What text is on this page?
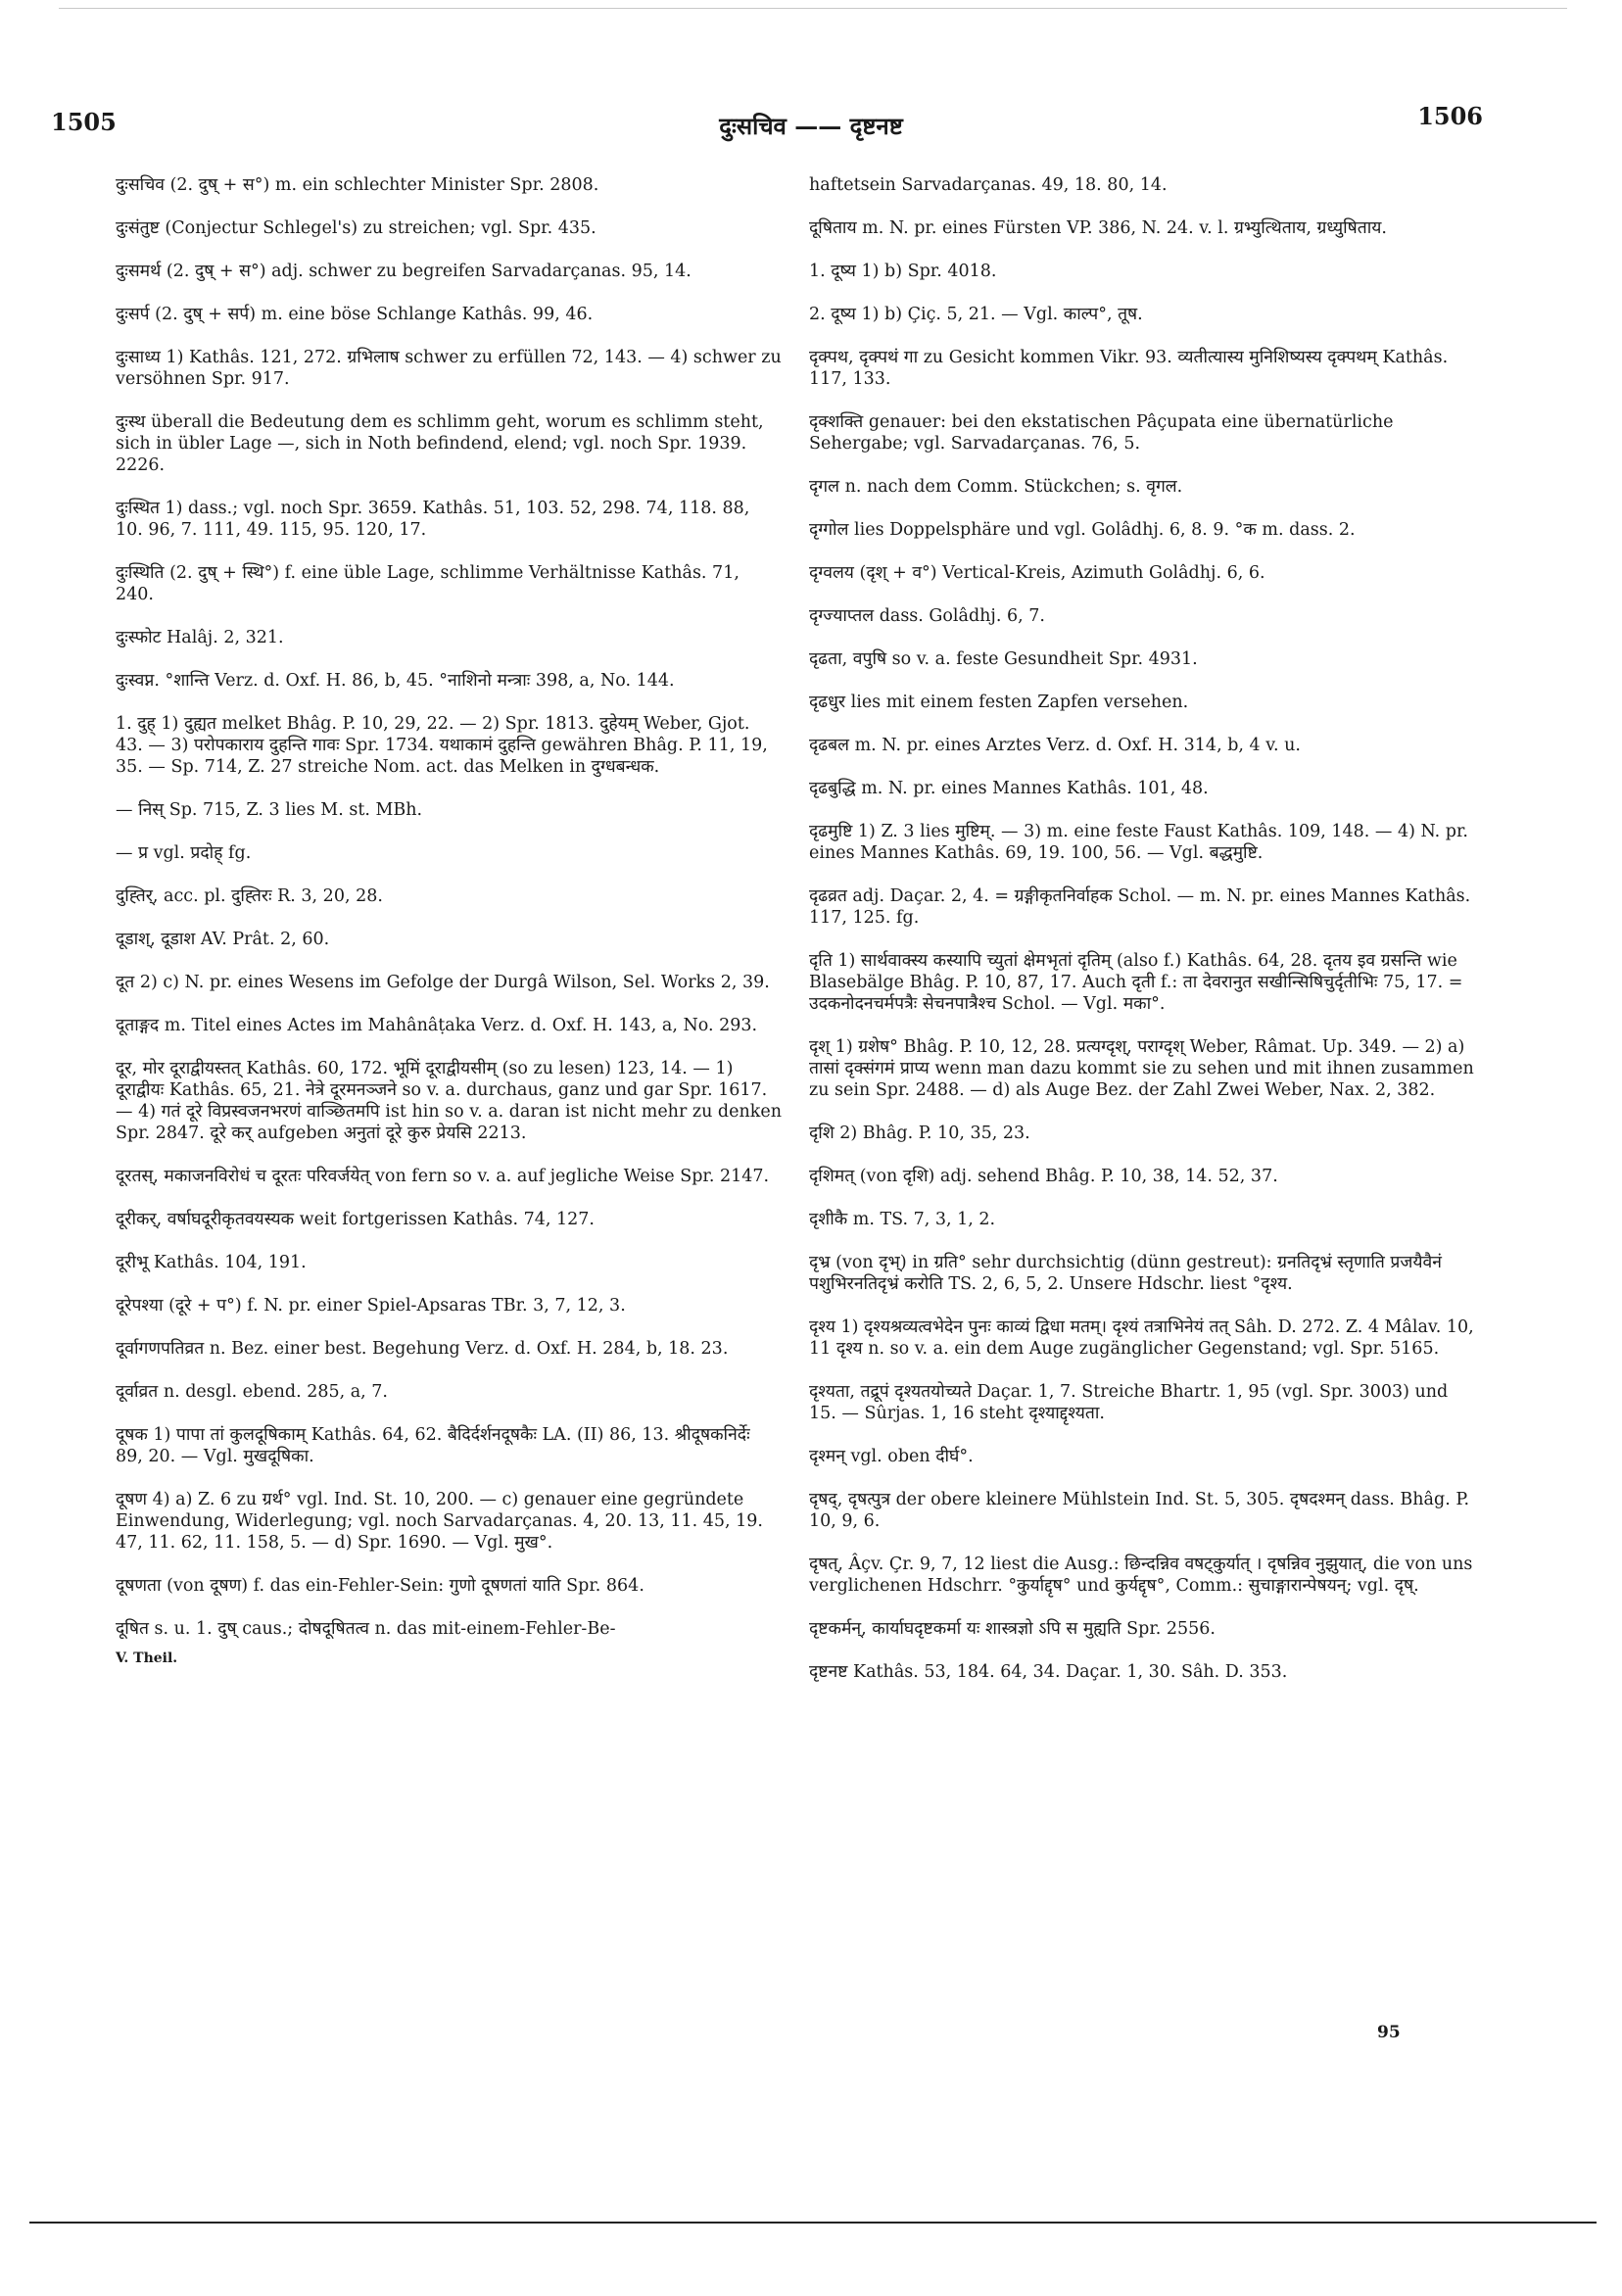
1505	दुःसचिव —— दृष्टनष्ट	1506
दुःसचिव (2. दुष् + स°) m. ein schlechter Minister Spr. 2808.
दुःसंतुष्ट (Conjectur Schlegel's) zu streichen; vgl. Spr. 435.
दुःसमर्थ (2. दुष् + स°) adj. schwer zu begreifen Sarvadarçanas. 95, 14.
दुःसर्प (2. दुष् + सर्प) m. eine böse Schlange Kathâs. 99, 46.
दुःसाध्य 1) Kathâs. 121, 272. ग्रभिलाष schwer zu erfüllen 72, 143. — 4) schwer zu versöhnen Spr. 917.
दुःस्थ überall die Bedeutung dem es schlimm geht, worum es schlimm steht, sich in übler Lage —, sich in Noth befindend, elend; vgl. noch Spr. 1939. 2226.
दुःस्थित 1) dass.; vgl. noch Spr. 3659. Kathâs. 51, 103. 52, 298. 74, 118. 88, 10. 96, 7. 111, 49. 115, 95. 120, 17.
दुःस्थिति (2. दुष् + स्थि°) f. eine üble Lage, schlimme Verhältnisse Kathâs. 71, 240.
दुःस्फोट Halâj. 2, 321.
दुःस्वप्न. °शान्ति Verz. d. Oxf. H. 86, b, 45. °नाशिनो मन्त्राः 398, a, No. 144.
1. दुह् 1) दुह्यत melket Bhâg. P. 10, 29, 22. — 2) Spr. 1813. दुहेयम् Weber, Gjot. 43. — 3) परोपकाराय दुहन्ति गावः Spr. 1734. यथाकामं दुहन्ति gewähren Bhâg. P. 11, 19, 35. — Sp. 714, Z. 27 streiche Nom. act. das Melken in दुग्धबन्धक.
— निस् Sp. 715, Z. 3 lies M. st. MBh.
— प्र vgl. प्रदोह् fg.
दुह्तिर्, acc. pl. दुह्तिरः R. 3, 20, 28.
दूडाश्, दूडाश AV. Prât. 2, 60.
दूत 2) c) N. pr. eines Wesens im Gefolge der Durgâ Wilson, Sel. Works 2, 39.
दूताङ्गद m. Titel eines Actes im Mahânâṭaka Verz. d. Oxf. H. 143, a, No. 293.
दूर, मोर दूराद्वीयस्तत् Kathâs. 60, 172. भूमिं दूराद्वीयसीम् (so zu lesen) 123, 14. — 1) दूराद्वीयः Kathâs. 65, 21. नेत्रे दूरमनञ्जने so v. a. durchaus, ganz und gar Spr. 1617. — 4) गतं दूरे विप्रस्वजनभरणं वाञ्छितमपि ist hin so v. a. daran ist nicht mehr zu denken Spr. 2847. दूरे कर् aufgeben अनुतां दूरे कुरु प्रेयसि 2213.
दूरतस्, मकाजनविरोधं च दूरतः परिवर्जयेत् von fern so v. a. auf jegliche Weise Spr. 2147.
दूरीकर्, वर्षाघदूरीकृतवयस्यक weit fortgerissen Kathâs. 74, 127.
दूरीभू Kathâs. 104, 191.
दूरेपश्या (दूरे + प°) f. N. pr. einer Spiel-Apsaras TBr. 3, 7, 12, 3.
दूर्वागणपतिव्रत n. Bez. einer best. Begehung Verz. d. Oxf. H. 284, b, 18. 23.
दूर्वाव्रत n. desgl. ebend. 285, a, 7.
दूषक 1) पापा तां कुलदूषिकाम् Kathâs. 64, 62. बैदिर्दर्शनदूषकैः LA. (II) 86, 13. श्रीदूषकनिर्देः 89, 20. — Vgl. मुखदूषिका.
दूषण 4) a) Z. 6 zu ग्रर्थ° vgl. Ind. St. 10, 200. — c) genauer eine gegründete Einwendung, Widerlegung; vgl. noch Sarvadarçanas. 4, 20. 13, 11. 45, 19. 47, 11. 62, 11. 158, 5. — d) Spr. 1690. — Vgl. मुख°.
दूषणता (von दूषण) f. das ein-Fehler-Sein: गुणो दूषणतां याति Spr. 864.
दूषित s. u. 1. दुष् caus.; दोषदूषितत्व n. das mit-einem-Fehler-Be-
V. Theil.
haftetsein Sarvadarçanas. 49, 18. 80, 14.
दूषिताय m. N. pr. eines Fürsten VP. 386, N. 24. v. l. ग्रभ्युत्थिताय, ग्रध्युषिताय.
1. दूष्य 1) b) Spr. 4018.
2. दूष्य 1) b) Çiç. 5, 21. — Vgl. काल्प°, तूष.
दृक्पथ, दृक्पथं गा zu Gesicht kommen Vikr. 93. व्यतीत्यास्य मुनिशिष्यस्य दृक्पथम् Kathâs. 117, 133.
दृक्शक्ति genauer: bei den ekstatischen Pâçupata eine übernatürliche Sehergabe; vgl. Sarvadarçanas. 76, 5.
दृगल n. nach dem Comm. Stückchen; s. वृगल.
दृग्गोल lies Doppelsphäre und vgl. Golâdhj. 6, 8. 9. °क m. dass. 2.
दृग्वलय (दृश् + व°) Vertical-Kreis, Azimuth Golâdhj. 6, 6.
दृग्ज्याप्तल dass. Golâdhj. 6, 7.
दृढता, वपुषि so v. a. feste Gesundheit Spr. 4931.
दृढधुर lies mit einem festen Zapfen versehen.
दृढबल m. N. pr. eines Arztes Verz. d. Oxf. H. 314, b, 4 v. u.
दृढबुद्धि m. N. pr. eines Mannes Kathâs. 101, 48.
दृढमुष्टि 1) Z. 3 lies मुष्टिम्. — 3) m. eine feste Faust Kathâs. 109, 148. — 4) N. pr. eines Mannes Kathâs. 69, 19. 100, 56. — Vgl. बद्धमुष्टि.
दृढव्रत adj. Daçar. 2, 4. = ग्रङ्गीकृतनिर्वाहक Schol. — m. N. pr. eines Mannes Kathâs. 117, 125. fg.
दृति 1) सार्थवाक्स्य कस्यापि च्युतां क्षेमभृतां दृतिम् (also f.) Kathâs. 64, 28. दृतय इव ग्रसन्ति wie Blasebälge Bhâg. P. 10, 87, 17. Auch दृती f.: ता देवरानुत सखीन्सिषिचुर्दृतीभिः 75, 17. = उदकनोदनचर्मपत्रैः सेचनपात्रैश्च Schol. — Vgl. मका°.
दृश् 1) ग्रशेष° Bhâg. P. 10, 12, 28. प्रत्यग्दृश्, पराग्दृश् Weber, Râmat. Up. 349. — 2) a) तासां दृक्संगमं प्राप्य wenn man dazu kommt sie zu sehen und mit ihnen zusammen zu sein Spr. 2488. — d) als Auge Bez. der Zahl Zwei Weber, Nax. 2, 382.
दृशि 2) Bhâg. P. 10, 35, 23.
दृशिमत् (von दृशि) adj. sehend Bhâg. P. 10, 38, 14. 52, 37.
दृशीकै m. TS. 7, 3, 1, 2.
दृभ्र (von दृभ्) in ग्रति° sehr durchsichtig (dünn gestreut): ग्रनतिदृभ्रं स्तृणाति प्रजयैवैनं पशुभिरनतिदृभ्रं करोति TS. 2, 6, 5, 2. Unsere Hdschr. liest °दृश्य.
दृश्य 1) दृश्यश्रव्यत्वभेदेन पुनः काव्यं द्विधा मतम्। दृश्यं तत्राभिनेयं तत् Sâh. D. 272. Z. 4 Mâlav. 10, 11 दृश्य n. so v. a. ein dem Auge zugänglicher Gegenstand; vgl. Spr. 5165.
दृश्यता, तद्रूपं दृश्यतयोच्यते Daçar. 1, 7. Streiche Bhartr. 1, 95 (vgl. Spr. 3003) und 15. — Sûrjas. 1, 16 steht दृश्याद्दृश्यता.
दृश्मन् vgl. oben दीर्घ°.
दृषद्, दृषत्पुत्र der obere kleinere Mühlstein Ind. St. 5, 305. दृषदश्मन् dass. Bhâg. P. 10, 9, 6.
दृषत्, Âçv. Çr. 9, 7, 12 liest die Ausg.: छिन्दन्निव वषट्कुर्यात् । दृषन्निव नुझुयात्, die von uns verglichenen Hdschrr. °कुर्याद्दृष° und कुर्यद्दृष°, Comm.: सुचाङ्गारान्पेषयन्; vgl. दृष्.
दृष्टकर्मन्, कार्याघदृष्टकर्मा यः शास्त्रज्ञो ऽपि स मुह्यति Spr. 2556.
दृष्टनष्ट Kathâs. 53, 184. 64, 34. Daçar. 1, 30. Sâh. D. 353.
95
